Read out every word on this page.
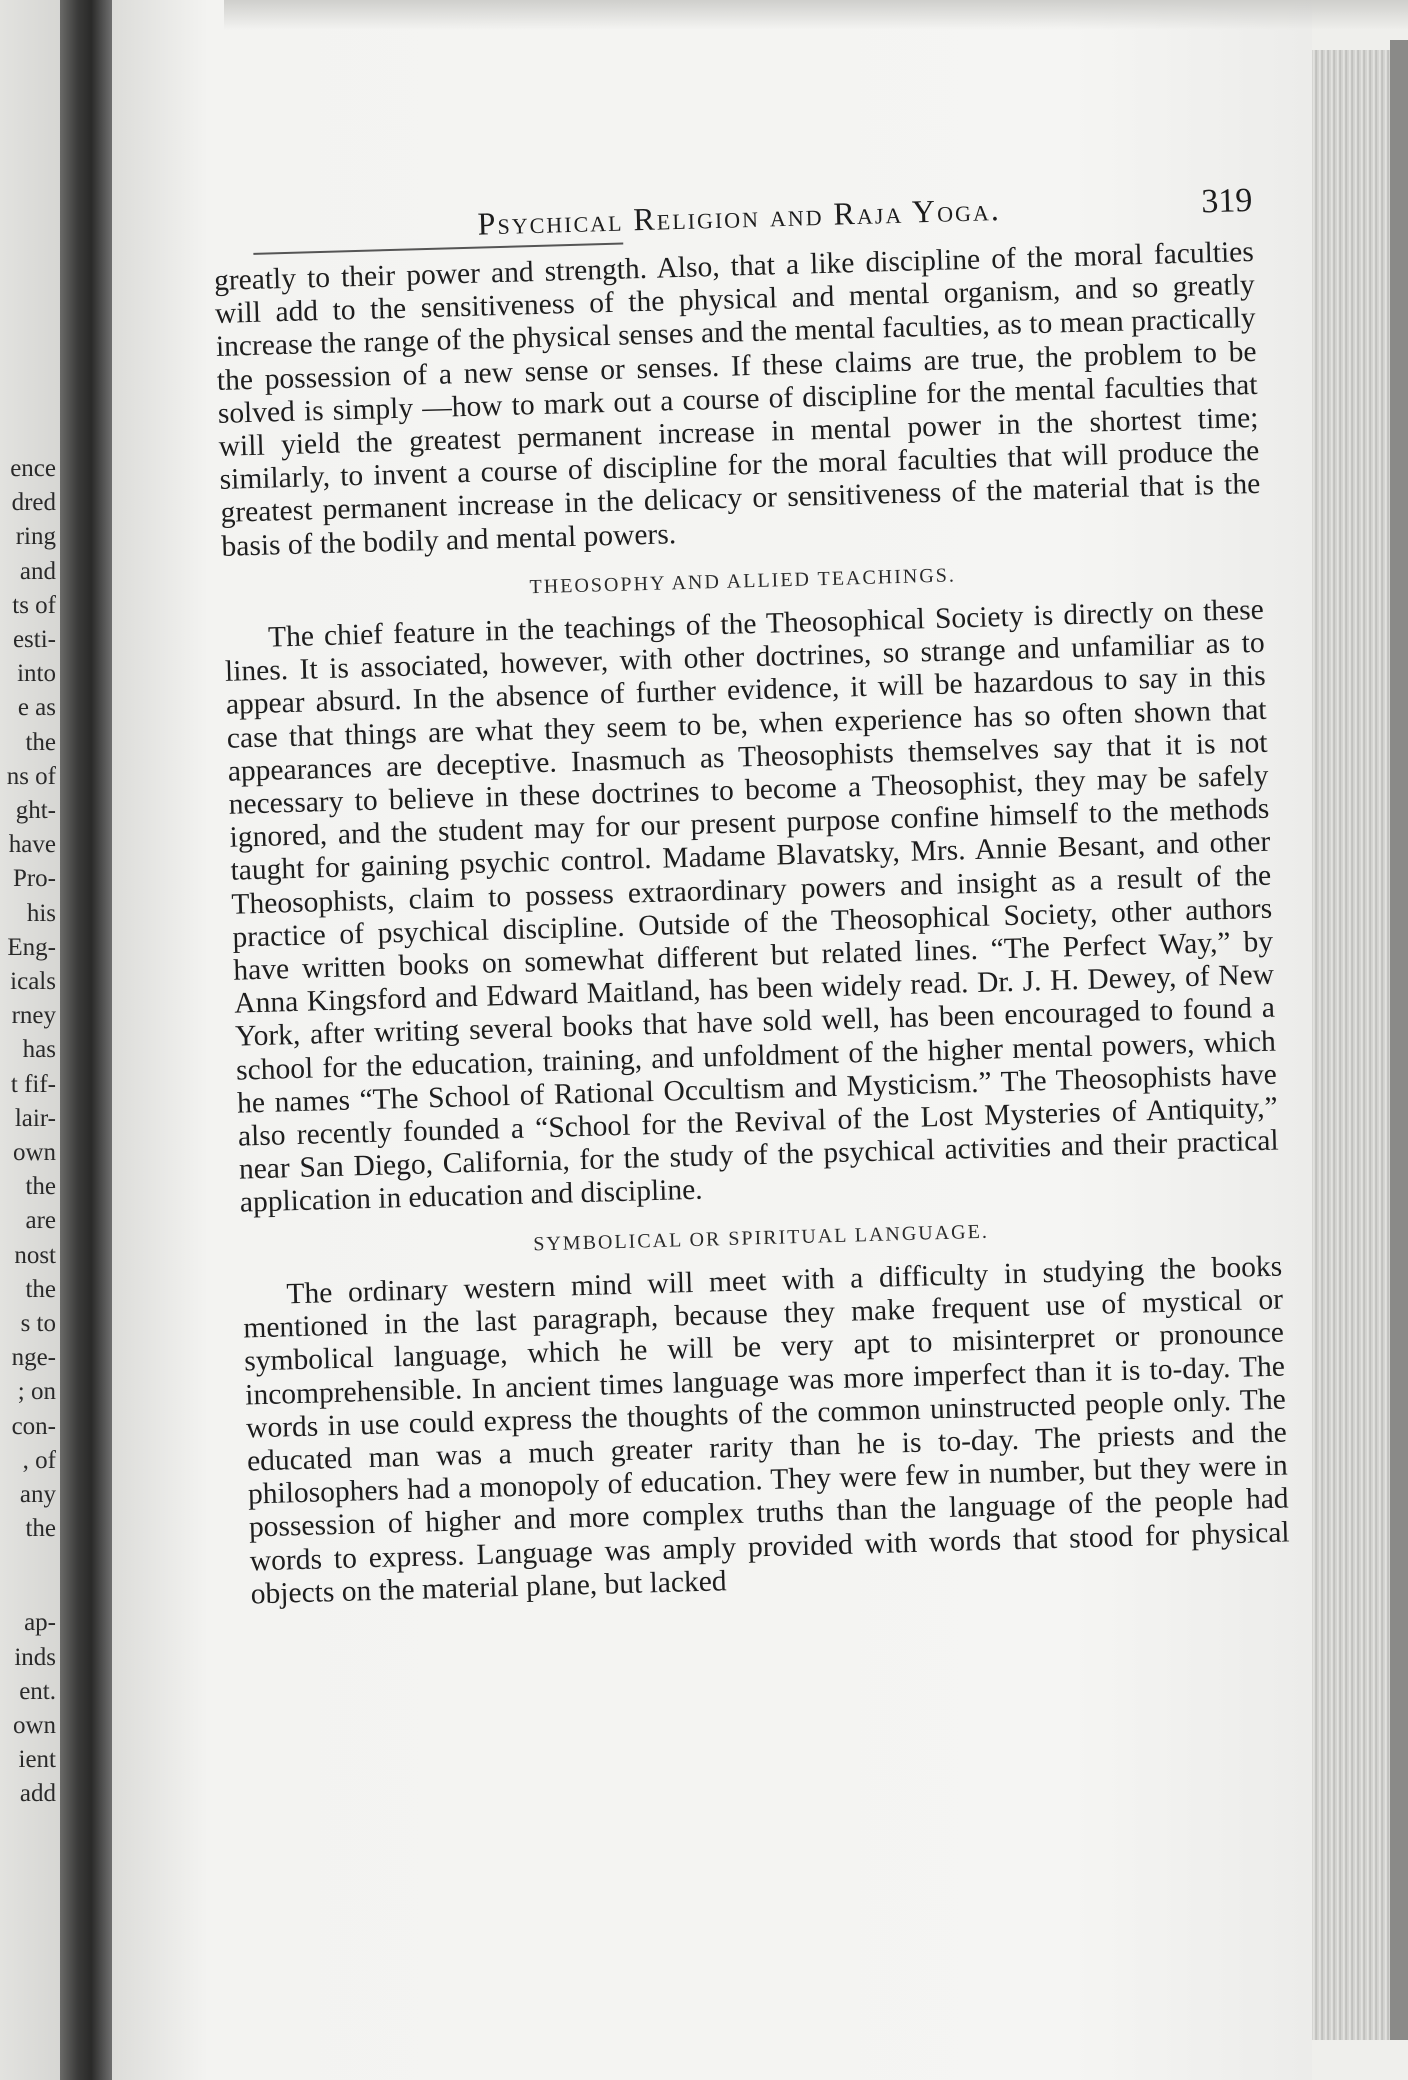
ence
dred
ring
and
ts of
esti-
into
e as
the
ns of
ght-
have
Pro-
his
Eng-
icals
rney
has
t fif-
lair-
own
the
are
nost
the
s to
nge-
; on
con-
, of
any
the
ap-
inds
ent.
own
ient
add
Psychical Religion and Raja Yoga.	319

greatly to their power and strength. Also, that a like discipline of the moral faculties will add to the sensitiveness of the physical and mental organism, and so greatly increase the range of the physical senses and the mental faculties, as to mean practically the possession of a new sense or senses. If these claims are true, the problem to be solved is simply —how to mark out a course of discipline for the mental faculties that will yield the greatest permanent increase in mental power in the shortest time; similarly, to invent a course of discipline for the moral faculties that will produce the greatest permanent increase in the delicacy or sensitiveness of the material that is the basis of the bodily and mental powers.

THEOSOPHY AND ALLIED TEACHINGS.

The chief feature in the teachings of the Theosophical Society is directly on these lines. It is associated, however, with other doctrines, so strange and unfamiliar as to appear absurd. In the absence of further evidence, it will be hazardous to say in this case that things are what they seem to be, when experience has so often shown that appearances are deceptive. Inasmuch as Theosophists themselves say that it is not necessary to believe in these doctrines to become a Theosophist, they may be safely ignored, and the student may for our present purpose confine himself to the methods taught for gaining psychic control. Madame Blavatsky, Mrs. Annie Besant, and other Theosophists, claim to possess extraordinary powers and insight as a result of the practice of psychical discipline. Outside of the Theosophical Society, other authors have written books on somewhat different but related lines. “The Perfect Way,” by Anna Kingsford and Edward Maitland, has been widely read. Dr. J. H. Dewey, of New York, after writing several books that have sold well, has been encouraged to found a school for the education, training, and unfoldment of the higher mental powers, which he names “The School of Rational Occultism and Mysticism.” The Theosophists have also recently founded a “School for the Revival of the Lost Mysteries of Antiquity,” near San Diego, California, for the study of the psychical activities and their practical application in education and discipline.

SYMBOLICAL OR SPIRITUAL LANGUAGE.

The ordinary western mind will meet with a difficulty in studying the books mentioned in the last paragraph, because they make frequent use of mystical or symbolical language, which he will be very apt to misinterpret or pronounce incomprehensible. In ancient times language was more imperfect than it is to-day. The words in use could express the thoughts of the common uninstructed people only. The educated man was a much greater rarity than he is to-day. The priests and the philosophers had a monopoly of education. They were few in number, but they were in possession of higher and more complex truths than the language of the people had words to express. Language was amply provided with words that stood for physical objects on the material plane, but lacked
